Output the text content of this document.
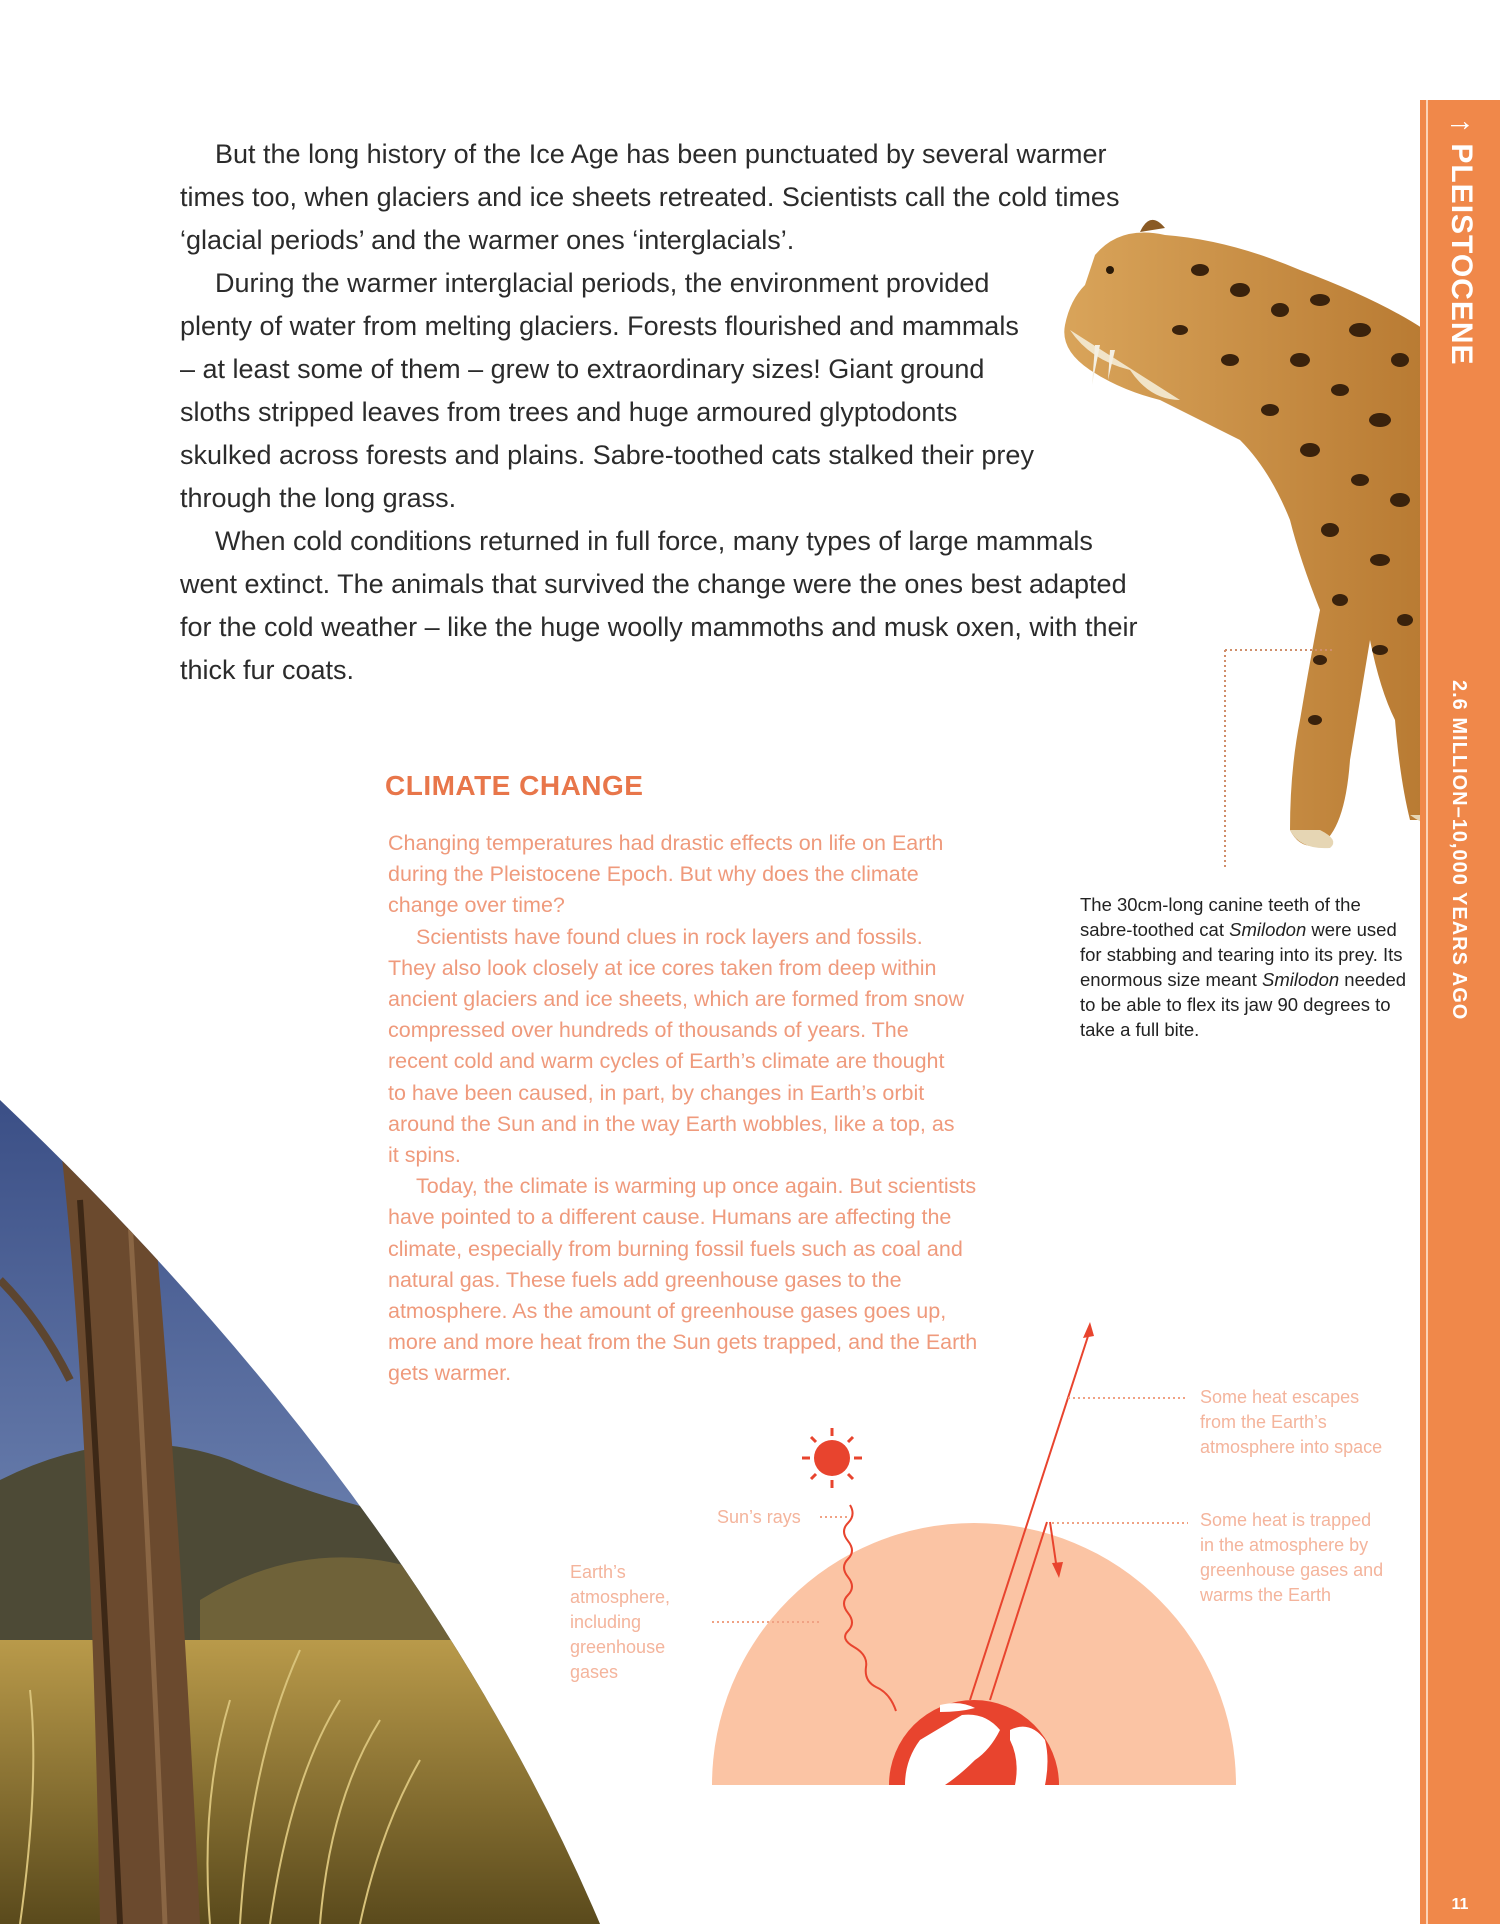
↑ PLEISTOCENE
2.6 MILLION–10,000 YEARS AGO
11

But the long history of the Ice Age has been punctuated by several warmer times too, when glaciers and ice sheets retreated. Scientists call the cold times ‘glacial periods’ and the warmer ones ‘interglacials’.

During the warmer interglacial periods, the environment provided plenty of water from melting glaciers. Forests flourished and mammals – at least some of them – grew to extraordinary sizes! Giant ground sloths stripped leaves from trees and huge armoured glyptodonts skulked across forests and plains. Sabre-toothed cats stalked their prey through the long grass.

When cold conditions returned in full force, many types of large mammals went extinct. The animals that survived the change were the ones best adapted for the cold weather – like the huge woolly mammoths and musk oxen, with their thick fur coats.

The 30cm-long canine teeth of the sabre-toothed cat Smilodon were used for stabbing and tearing into its prey. Its enormous size meant Smilodon needed to be able to flex its jaw 90 degrees to take a full bite.
CLIMATE CHANGE

Changing temperatures had drastic effects on life on Earth during the Pleistocene Epoch. But why does the climate change over time?

Scientists have found clues in rock layers and fossils. They also look closely at ice cores taken from deep within ancient glaciers and ice sheets, which are formed from snow compressed over hundreds of thousands of years. The recent cold and warm cycles of Earth’s climate are thought to have been caused, in part, by changes in Earth’s orbit around the Sun and in the way Earth wobbles, like a top, as it spins.

Today, the climate is warming up once again. But scientists have pointed to a different cause. Humans are affecting the climate, especially from burning fossil fuels such as coal and natural gas. These fuels add greenhouse gases to the atmosphere. As the amount of greenhouse gases goes up, more and more heat from the Sun gets trapped, and the Earth gets warmer.

Sun’s rays
Earth’s
atmosphere,
including
greenhouse
gases
Some heat escapes
from the Earth’s
atmosphere into space
Some heat is trapped
in the atmosphere by
greenhouse gases and
warms the Earth
